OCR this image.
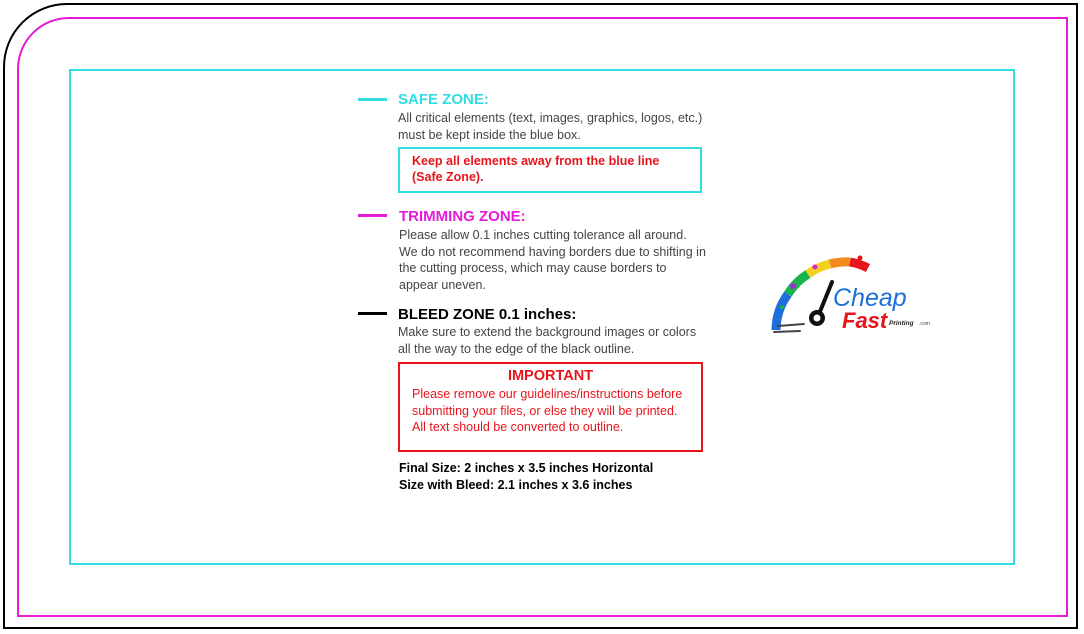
SAFE ZONE:
All critical elements (text, images, graphics, logos, etc.)
must be kept inside the blue box.
Keep all elements away from the blue line
(Safe Zone).
TRIMMING ZONE:
Please allow 0.1 inches cutting tolerance all around.
We do not recommend having borders due to shifting in
the cutting process, which may cause borders to
appear uneven.
BLEED ZONE 0.1 inches:
Make sure to extend the background images or colors
all the way to the edge of the black outline.
IMPORTANT
Please remove our guidelines/instructions before
submitting your files, or else they will be printed.
All text should be converted to outline.
Final Size: 2 inches x 3.5 inches Horizontal
Size with Bleed: 2.1 inches x 3.6 inches
Cheap
Fast Printing .com
